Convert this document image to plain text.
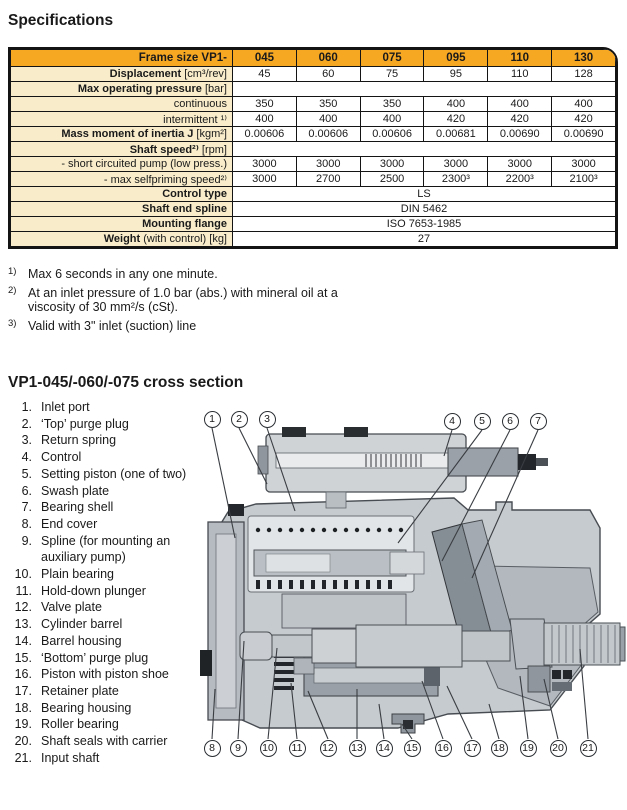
Specifications
Frame size VP1-	045	060	075	095	110	130
Displacement [cm³/rev]	45	60	75	95	110	128
Max operating pressure [bar]						
continuous	350	350	350	400	400	400
intermittent ¹⁾	400	400	400	420	420	420
Mass moment of inertia J [kgm²]	0.00606	0.00606	0.00606	0.00681	0.00690	0.00690
Shaft speed²⁾ [rpm]						
- short circuited pump (low press.)	3000	3000	3000	3000	3000	3000
- max selfpriming speed²⁾	3000	2700	2500	2300³	2200³	2100³
Control type	LS					
Shaft end spline	DIN 5462					
Mounting flange	ISO 7653-1985					
Weight (with control) [kg]	27					
1) Max 6 seconds in any one minute.
2) At an inlet pressure of 1.0 bar (abs.) with mineral oil at a viscosity of 30 mm²/s (cSt).
3) Valid with 3" inlet (suction) line
VP1-045/-060/-075 cross section
1. Inlet port
2. ‘Top’ purge plug
3. Return spring
4. Control
5. Setting piston (one of two)
6. Swash plate
7. Bearing shell
8. End cover
9. Spline (for mounting an auxiliary pump)
10. Plain bearing
11. Hold-down plunger
12. Valve plate
13. Cylinder barrel
14. Barrel housing
15. ‘Bottom’ purge plug
16. Piston with piston shoe
17. Retainer plate
18. Bearing housing
19. Roller bearing
20. Shaft seals with carrier
21. Input shaft
1	2	3	4	5	6	7
8	9	10 11 12 13 14 15 16 17 18 19 20 21
